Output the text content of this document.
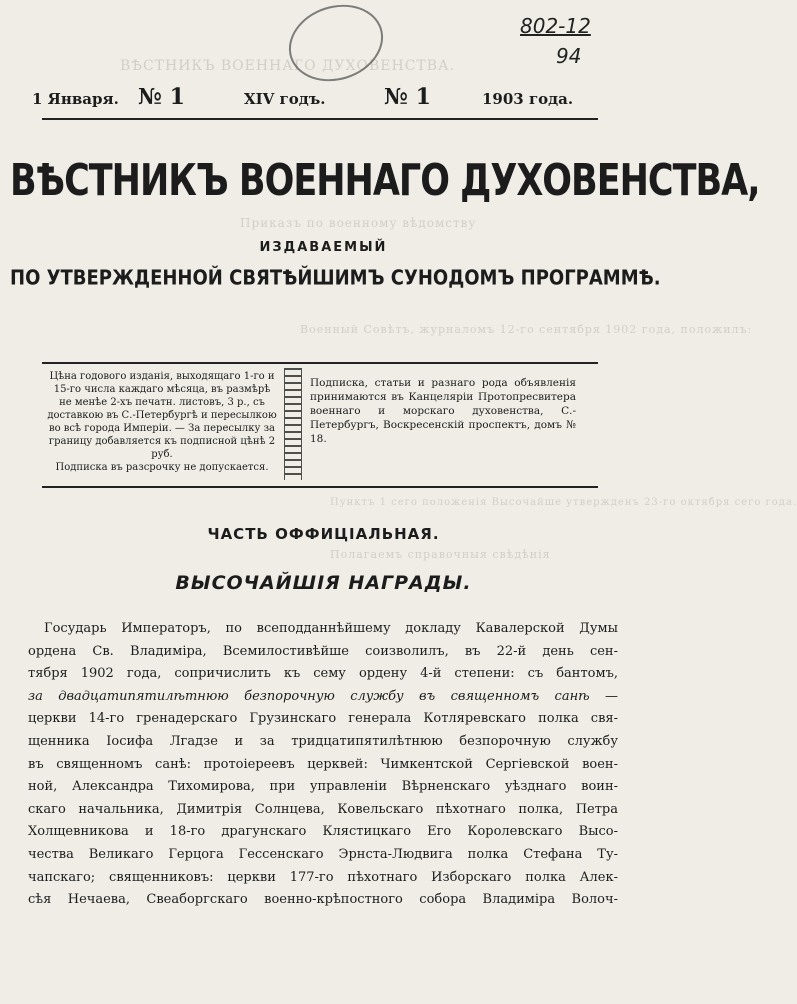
ВѢСТНИКЪ ВОЕННАГО ДУХОВЕНСТВА.
Приказъ по военному вѣдомству
Военный Совѣтъ, журналомъ 12-го сентября 1902 года, положилъ:
Пунктъ 1 сего положенія Высочайше утвержденъ 23-го октября сего года.
Полагаемъ справочныя свѣдѣнія
802-12
94
1 Января. № 1	XIV годъ.	№ 1	1903 года.
ВѢСТНИКЪ ВОЕННАГО ДУХОВЕНСТВА,
ИЗДАВАЕМЫЙ
ПО УТВЕРЖДЕННОЙ СВЯТѢЙШИМЪ СУНОДОМЪ ПРОГРАММѢ.
Цѣна годового изданія, выходящаго 1-го и 15-го числа каждаго мѣсяца, въ размѣрѣ не менѣе 2-хъ печатн. листовъ, 3 р., съ доставкою въ С.-Петербургѣ и пересылкою во всѣ города Имперіи. — За пересылку за границу добавляется къ подписной цѣнѣ 2 руб.
Подписка въ разсрочку не допускается.
Подписка, статьи и разнаго рода объявленія принимаются въ Канцеляріи Протопресвитера военнаго и морскаго духовенства, С.-Петербургъ, Воскресенскій проспектъ, домъ № 18.
ЧАСТЬ ОФФИЦІАЛЬНАЯ.
ВЫСОЧАЙШІЯ НАГРАДЫ.
Государь Императоръ, по всеподданнѣйшему докладу Кавалерской Думы
ордена Св. Владиміра, Всемилостивѣйше соизволилъ, въ 22-й день сен-
тября 1902 года, сопричислить къ сему ордену 4-й степени: съ бантомъ,
за двадцатипятилѣтнюю безпорочную службу въ священномъ санѣ —
церкви 14-го гренадерскаго Грузинскаго генерала Котляревскаго полка свя-
щенника Іосифа Лгадзе и за тридцатипятилѣтнюю безпорочную службу
въ священномъ санѣ: протоіереевъ церквей: Чимкентской Сергіевской воен-
ной, Александра Тихомирова, при управленіи Вѣрненскаго уѣзднаго воин-
скаго начальника, Димитрія Солнцева, Ковельскаго пѣхотнаго полка, Петра
Холщевникова и 18-го драгунскаго Клястицкаго Его Королевскаго Высо-
чества Великаго Герцога Гессенскаго Эрнста-Людвига полка Стефана Ту-
чапскаго; священниковъ: церкви 177-го пѣхотнаго Изборскаго полка Алек-
сѣя Нечаева, Свеаборгскаго военно-крѣпостного собора Владиміра Волоч-
